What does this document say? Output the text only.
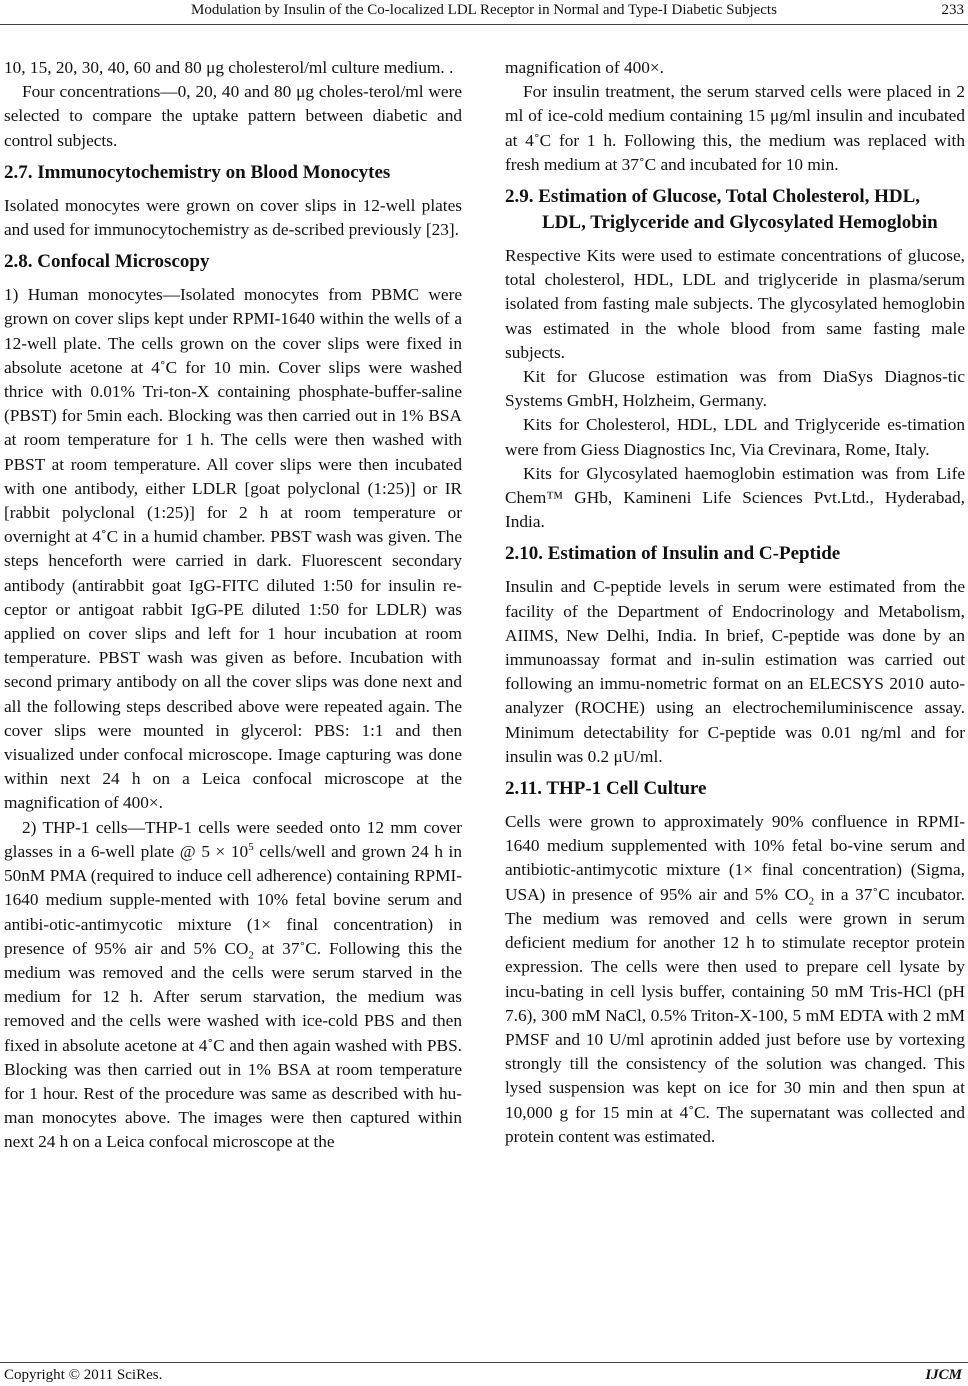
Modulation by Insulin of the Co-localized LDL Receptor in Normal and Type-I Diabetic Subjects	233

10, 15, 20, 30, 40, 60 and 80 μg cholesterol/ml culture medium. .

Four concentrations—0, 20, 40 and 80 μg choles-terol/ml were selected to compare the uptake pattern between diabetic and control subjects.

2.7. Immunocytochemistry on Blood Monocytes

Isolated monocytes were grown on cover slips in 12-well plates and used for immunocytochemistry as de-scribed previously [23].

2.8. Confocal Microscopy

1) Human monocytes—Isolated monocytes from PBMC were grown on cover slips kept under RPMI-1640 within the wells of a 12-well plate. The cells grown on the cover slips were fixed in absolute acetone at 4˚C for 10 min. Cover slips were washed thrice with 0.01% Tri-ton-X containing phosphate-buffer-saline (PBST) for 5min each. Blocking was then carried out in 1% BSA at room temperature for 1 h. The cells were then washed with PBST at room temperature. All cover slips were then incubated with one antibody, either LDLR [goat polyclonal (1:25)] or IR [rabbit polyclonal (1:25)] for 2 h at room temperature or overnight at 4˚C in a humid chamber. PBST wash was given. The steps henceforth were carried in dark. Fluorescent secondary antibody (antirabbit goat IgG-FITC diluted 1:50 for insulin re-ceptor or antigoat rabbit IgG-PE diluted 1:50 for LDLR) was applied on cover slips and left for 1 hour incubation at room temperature. PBST wash was given as before. Incubation with second primary antibody on all the cover slips was done next and all the following steps described above were repeated again. The cover slips were mounted in glycerol: PBS: 1:1 and then visualized under confocal microscope. Image capturing was done within next 24 h on a Leica confocal microscope at the magnification of 400×.

2) THP-1 cells—THP-1 cells were seeded onto 12 mm cover glasses in a 6-well plate @ $5 \times 10^5$ cells/well and grown 24 h in 50nM PMA (required to induce cell adherence) containing RPMI-1640 medium supple-mented with 10% fetal bovine serum and antibi-otic-antimycotic mixture (1× final concentration) in presence of 95% air and 5% $CO_2$ at 37˚C. Following this the medium was removed and the cells were serum starved in the medium for 12 h. After serum starvation, the medium was removed and the cells were washed with ice-cold PBS and then fixed in absolute acetone at 4˚C and then again washed with PBS. Blocking was then carried out in 1% BSA at room temperature for 1 hour. Rest of the procedure was same as described with hu-man monocytes above. The images were then captured within next 24 h on a Leica confocal microscope at the

magnification of 400×.

For insulin treatment, the serum starved cells were placed in 2 ml of ice-cold medium containing 15 μg/ml insulin and incubated at 4˚C for 1 h. Following this, the medium was replaced with fresh medium at 37˚C and incubated for 10 min.

2.9. Estimation of Glucose, Total Cholesterol, HDL, LDL, Triglyceride and Glycosylated Hemoglobin

Respective Kits were used to estimate concentrations of glucose, total cholesterol, HDL, LDL and triglyceride in plasma/serum isolated from fasting male subjects. The glycosylated hemoglobin was estimated in the whole blood from same fasting male subjects.

Kit for Glucose estimation was from DiaSys Diagnos-tic Systems GmbH, Holzheim, Germany.

Kits for Cholesterol, HDL, LDL and Triglyceride es-timation were from Giess Diagnostics Inc, Via Crevinara, Rome, Italy.

Kits for Glycosylated haemoglobin estimation was from Life Chem™ GHb, Kamineni Life Sciences Pvt.Ltd., Hyderabad, India.

2.10. Estimation of Insulin and C-Peptide

Insulin and C-peptide levels in serum were estimated from the facility of the Department of Endocrinology and Metabolism, AIIMS, New Delhi, India. In brief, C-peptide was done by an immunoassay format and in-sulin estimation was carried out following an immu-nometric format on an ELECSYS 2010 auto-analyzer (ROCHE) using an electrochemiluminiscence assay. Minimum detectability for C-peptide was 0.01 ng/ml and for insulin was 0.2 μU/ml.

2.11. THP-1 Cell Culture

Cells were grown to approximately 90% confluence in RPMI-1640 medium supplemented with 10% fetal bo-vine serum and antibiotic-antimycotic mixture (1× final concentration) (Sigma, USA) in presence of 95% air and 5% $CO_2$ in a 37˚C incubator. The medium was removed and cells were grown in serum deficient medium for another 12 h to stimulate receptor protein expression. The cells were then used to prepare cell lysate by incu-bating in cell lysis buffer, containing 50 mM Tris-HCl (pH 7.6), 300 mM NaCl, 0.5% Triton-X-100, 5 mM EDTA with 2 mM PMSF and 10 U/ml aprotinin added just before use by vortexing strongly till the consistency of the solution was changed. This lysed suspension was kept on ice for 30 min and then spun at 10,000 g for 15 min at 4˚C. The supernatant was collected and protein content was estimated.

Copyright © 2011 SciRes.	IJCM
